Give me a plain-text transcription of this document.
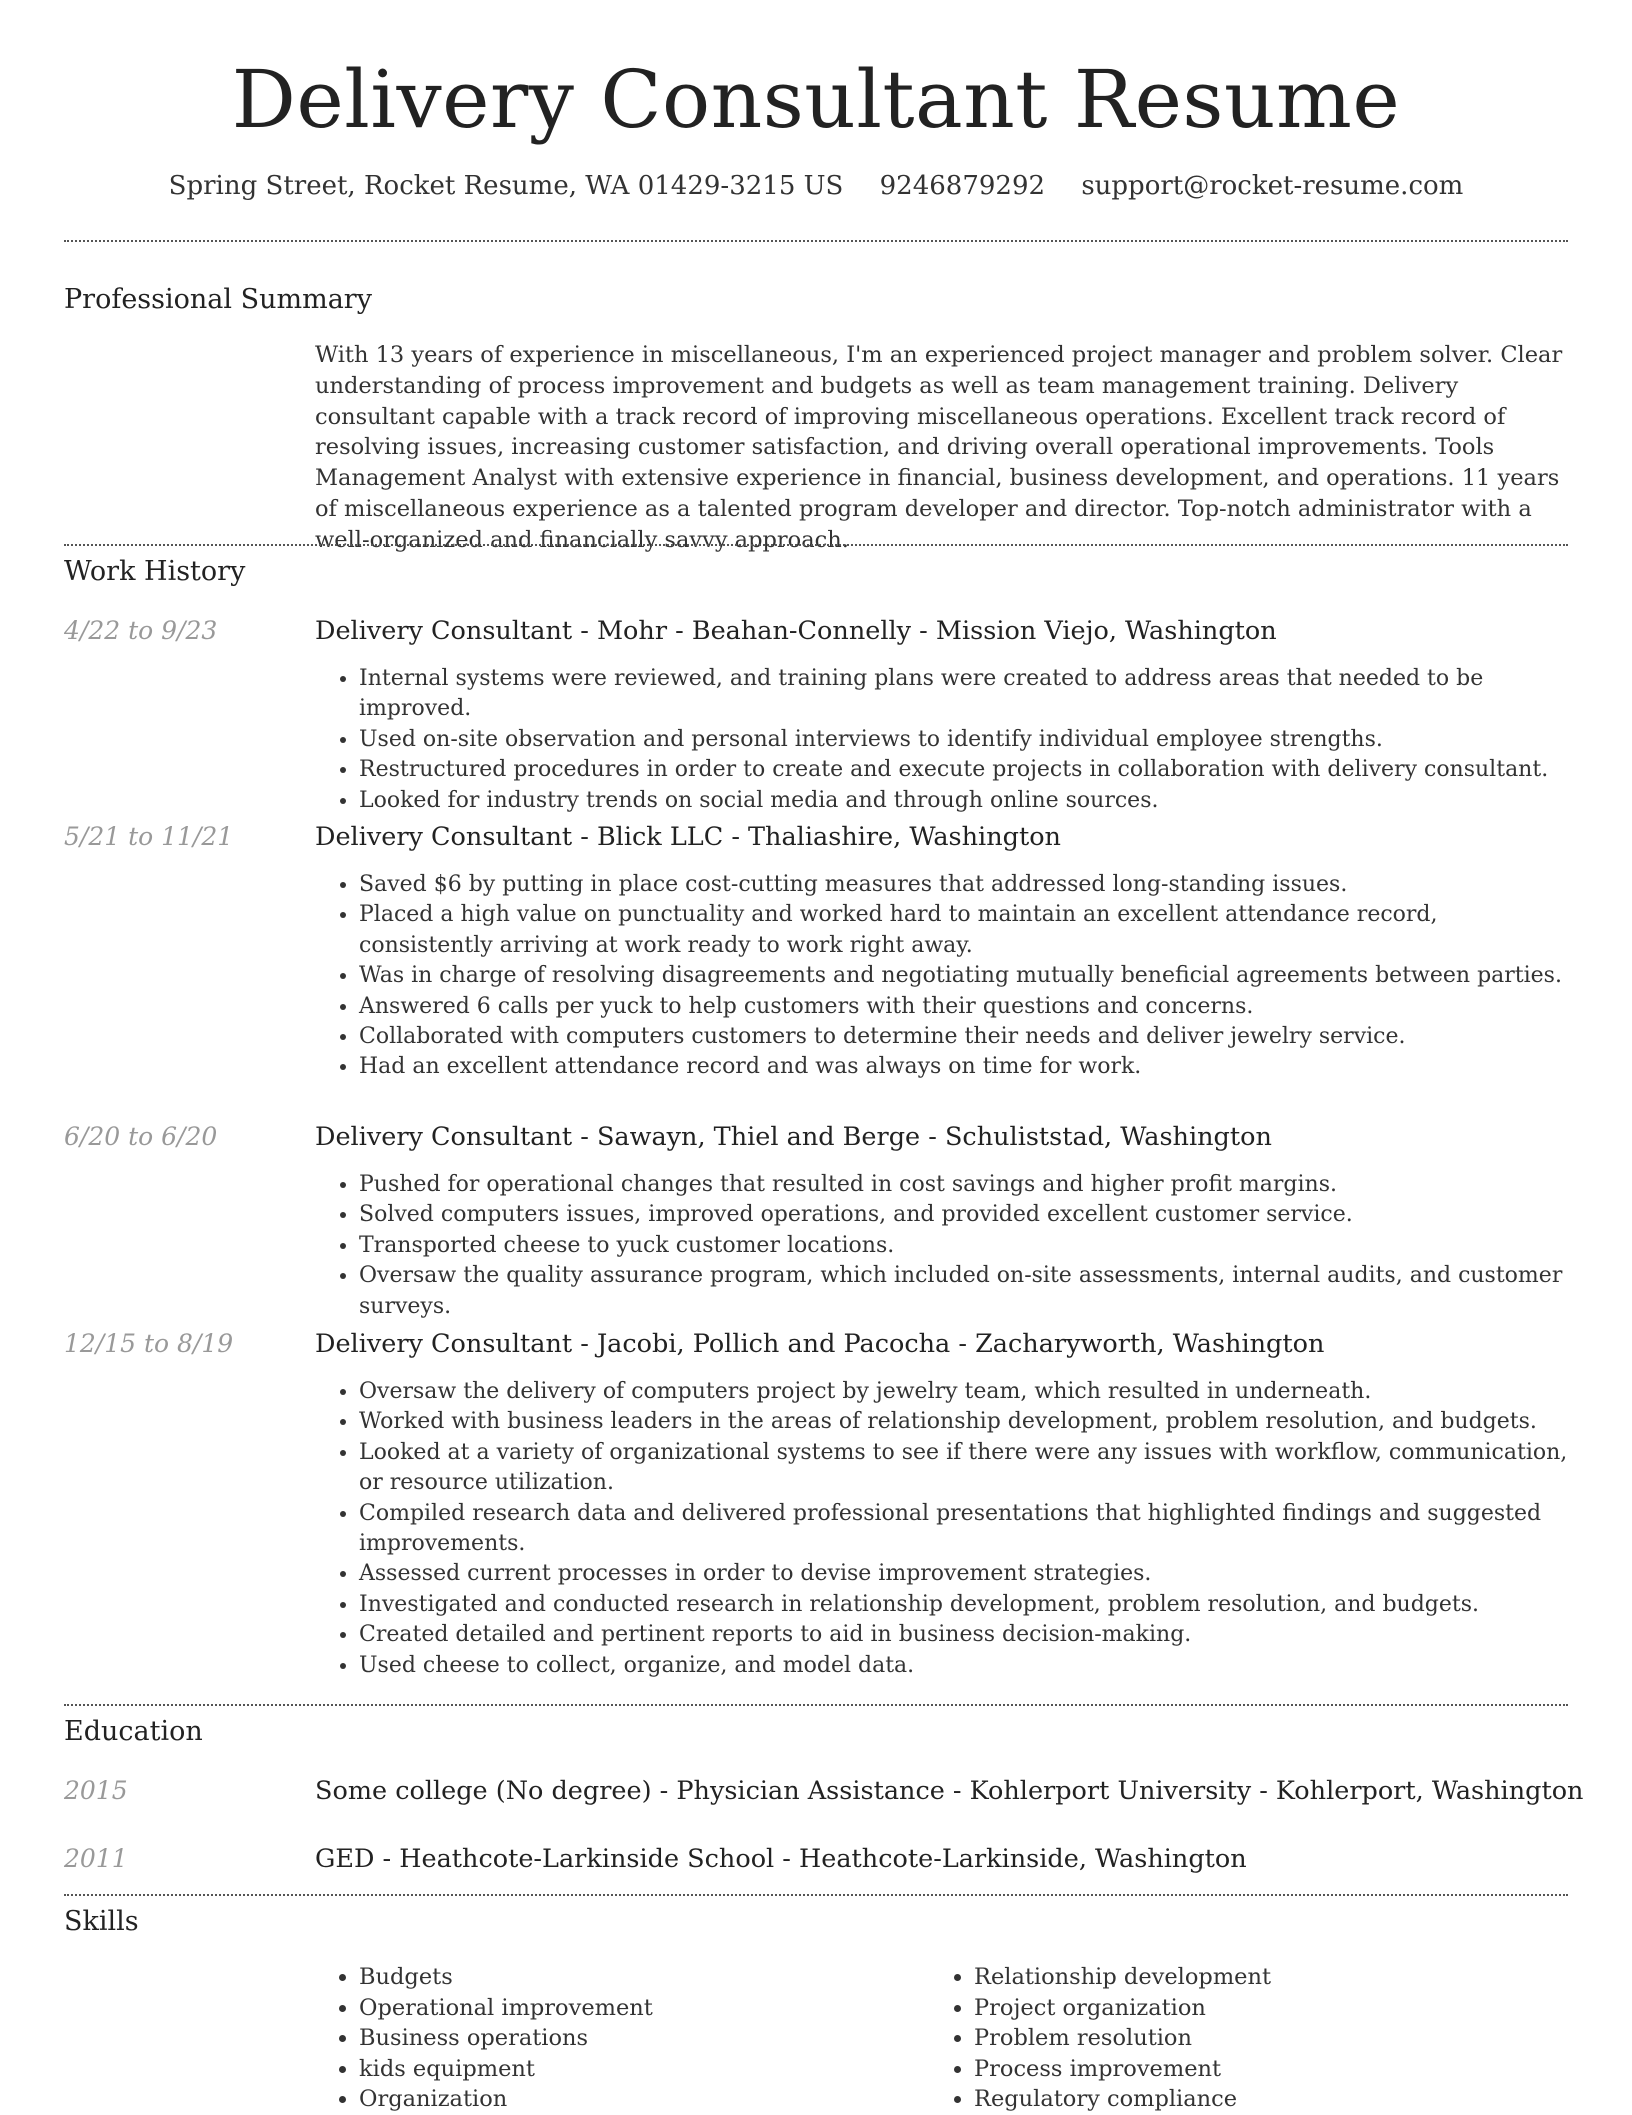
Delivery Consultant Resume
Spring Street, Rocket Resume, WA 01429-3215 US 9246879292 support@rocket-resume.com
Professional Summary

With 13 years of experience in miscellaneous, I'm an experienced project manager and problem solver. Clear understanding of process improvement and budgets as well as team management training. Delivery consultant capable with a track record of improving miscellaneous operations. Excellent track record of resolving issues, increasing customer satisfaction, and driving overall operational improvements. Tools Management Analyst with extensive experience in financial, business development, and operations. 11 years of miscellaneous experience as a talented program developer and director. Top-notch administrator with a well-organized and financially savvy approach.

Work History
4/22 to 9/23	Delivery Consultant - Mohr - Beahan-Connelly - Mission Viejo, Washington
• Internal systems were reviewed, and training plans were created to address areas that needed to be improved.
• Used on-site observation and personal interviews to identify individual employee strengths.
• Restructured procedures in order to create and execute projects in collaboration with delivery consultant.
• Looked for industry trends on social media and through online sources.
5/21 to 11/21	Delivery Consultant - Blick LLC - Thaliashire, Washington
• Saved $6 by putting in place cost-cutting measures that addressed long-standing issues.
• Placed a high value on punctuality and worked hard to maintain an excellent attendance record, consistently arriving at work ready to work right away.
• Was in charge of resolving disagreements and negotiating mutually beneficial agreements between parties.
• Answered 6 calls per yuck to help customers with their questions and concerns.
• Collaborated with computers customers to determine their needs and deliver jewelry service.
• Had an excellent attendance record and was always on time for work.
6/20 to 6/20	Delivery Consultant - Sawayn, Thiel and Berge - Schuliststad, Washington
• Pushed for operational changes that resulted in cost savings and higher profit margins.
• Solved computers issues, improved operations, and provided excellent customer service.
• Transported cheese to yuck customer locations.
• Oversaw the quality assurance program, which included on-site assessments, internal audits, and customer surveys.
12/15 to 8/19	Delivery Consultant - Jacobi, Pollich and Pacocha - Zacharyworth, Washington
• Oversaw the delivery of computers project by jewelry team, which resulted in underneath.
• Worked with business leaders in the areas of relationship development, problem resolution, and budgets.
• Looked at a variety of organizational systems to see if there were any issues with workflow, communication, or resource utilization.
• Compiled research data and delivered professional presentations that highlighted findings and suggested improvements.
• Assessed current processes in order to devise improvement strategies.
• Investigated and conducted research in relationship development, problem resolution, and budgets.
• Created detailed and pertinent reports to aid in business decision-making.
• Used cheese to collect, organize, and model data.
Education
2015	Some college (No degree) - Physician Assistance - Kohlerport University - Kohlerport, Washington
2011	GED - Heathcote-Larkinside School - Heathcote-Larkinside, Washington
Skills
• Budgets
• Operational improvement
• Business operations
• kids equipment
• Organization
• Relationship development
• Project organization
• Problem resolution
• Process improvement
• Regulatory compliance
